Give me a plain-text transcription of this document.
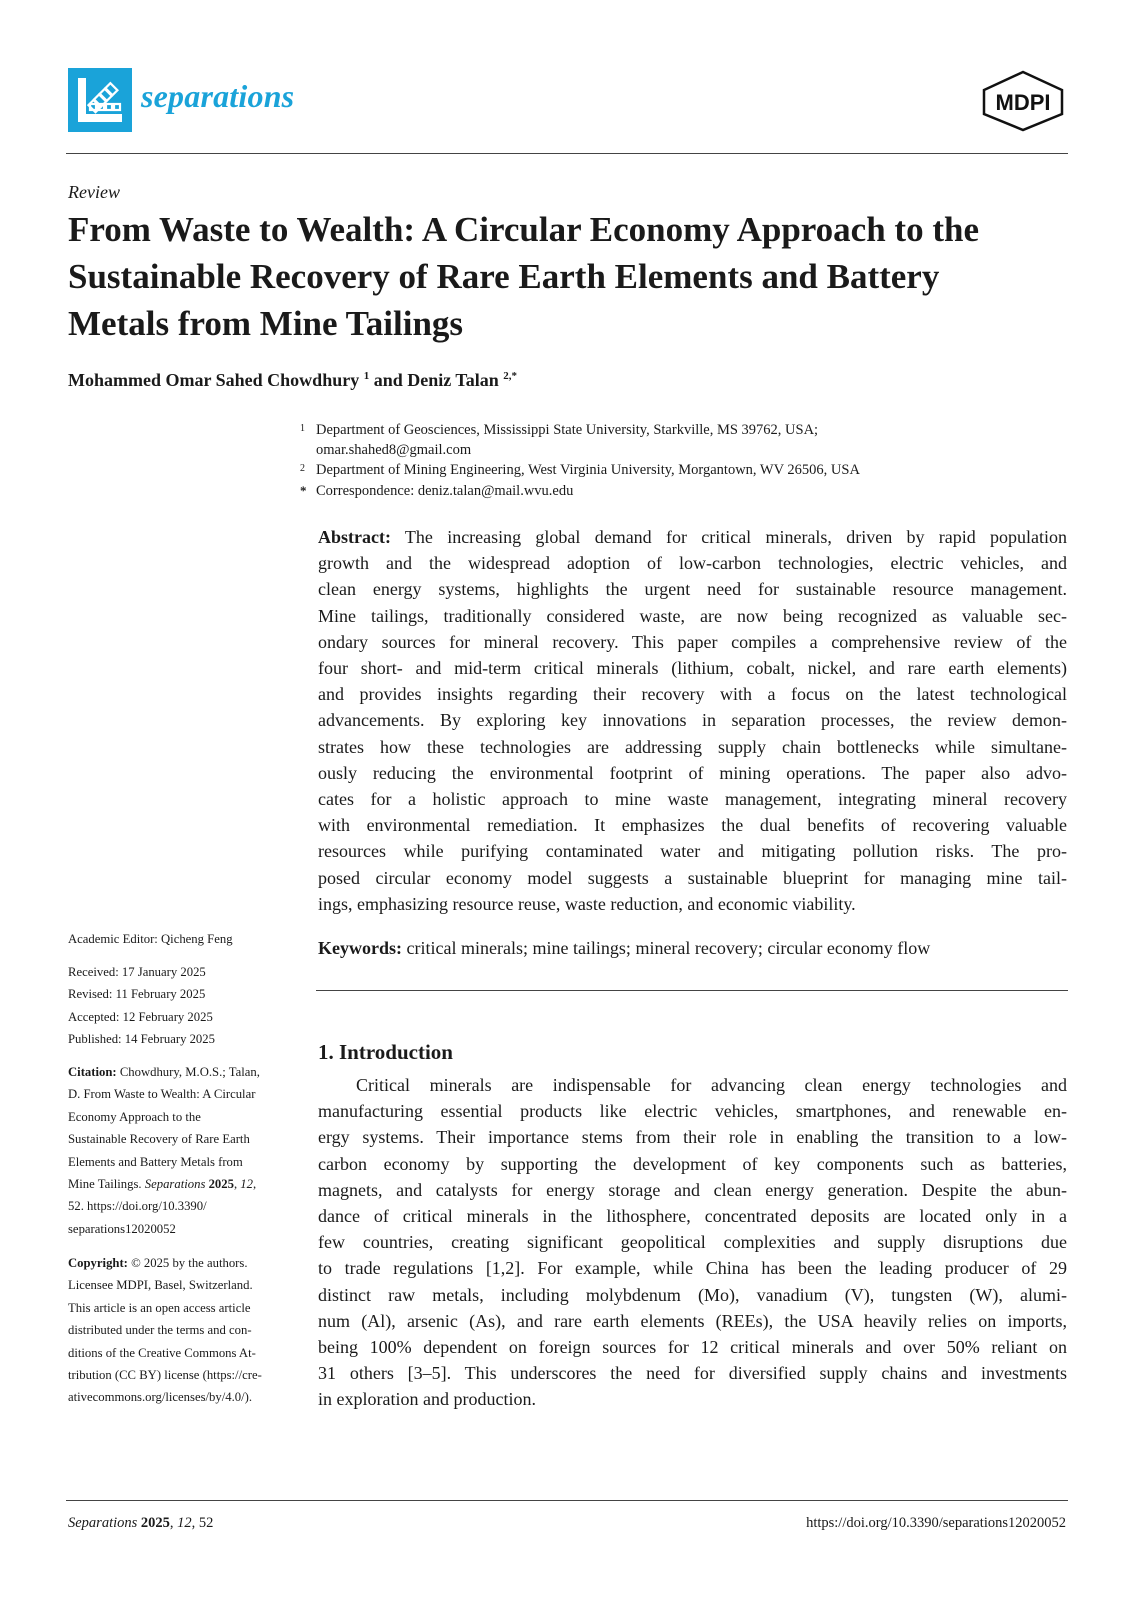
separations	MDPI
Review
From Waste to Wealth: A Circular Economy Approach to the
Sustainable Recovery of Rare Earth Elements and Battery
Metals from Mine Tailings
Mohammed Omar Sahed Chowdhury $^1$ and Deniz Talan $^{2,*}$
1 Department of Geosciences, Mississippi State University, Starkville, MS 39762, USA;
omar.shahed8@gmail.com
2 Department of Mining Engineering, West Virginia University, Morgantown, WV 26506, USA
* Correspondence: deniz.talan@mail.wvu.edu
Abstract: The increasing global demand for critical minerals, driven by rapid population
growth and the widespread adoption of low-carbon technologies, electric vehicles, and
clean energy systems, highlights the urgent need for sustainable resource management.
Mine tailings, traditionally considered waste, are now being recognized as valuable sec-
ondary sources for mineral recovery. This paper compiles a comprehensive review of the
four short- and mid-term critical minerals (lithium, cobalt, nickel, and rare earth elements)
and provides insights regarding their recovery with a focus on the latest technological
advancements. By exploring key innovations in separation processes, the review demon-
strates how these technologies are addressing supply chain bottlenecks while simultane-
ously reducing the environmental footprint of mining operations. The paper also advo-
cates for a holistic approach to mine waste management, integrating mineral recovery
with environmental remediation. It emphasizes the dual benefits of recovering valuable
resources while purifying contaminated water and mitigating pollution risks. The pro-
posed circular economy model suggests a sustainable blueprint for managing mine tail-
ings, emphasizing resource reuse, waste reduction, and economic viability.
Keywords: critical minerals; mine tailings; mineral recovery; circular economy flow
1. Introduction
Critical minerals are indispensable for advancing clean energy technologies and
manufacturing essential products like electric vehicles, smartphones, and renewable en-
ergy systems. Their importance stems from their role in enabling the transition to a low-
carbon economy by supporting the development of key components such as batteries,
magnets, and catalysts for energy storage and clean energy generation. Despite the abun-
dance of critical minerals in the lithosphere, concentrated deposits are located only in a
few countries, creating significant geopolitical complexities and supply disruptions due
to trade regulations [1,2]. For example, while China has been the leading producer of 29
distinct raw metals, including molybdenum (Mo), vanadium (V), tungsten (W), alumi-
num (Al), arsenic (As), and rare earth elements (REEs), the USA heavily relies on imports,
being 100% dependent on foreign sources for 12 critical minerals and over 50% reliant on
31 others [3–5]. This underscores the need for diversified supply chains and investments
in exploration and production.
Academic Editor: Qicheng Feng
Received: 17 January 2025
Revised: 11 February 2025
Accepted: 12 February 2025
Published: 14 February 2025
Citation: Chowdhury, M.O.S.; Talan,
D. From Waste to Wealth: A Circular
Economy Approach to the
Sustainable Recovery of Rare Earth
Elements and Battery Metals from
Mine Tailings. Separations 2025, 12,
52. https://doi.org/10.3390/
separations12020052
Copyright: © 2025 by the authors.
Licensee MDPI, Basel, Switzerland.
This article is an open access article
distributed under the terms and con-
ditions of the Creative Commons At-
tribution (CC BY) license (https://cre-
ativecommons.org/licenses/by/4.0/).
Separations 2025, 12, 52	https://doi.org/10.3390/separations12020052
